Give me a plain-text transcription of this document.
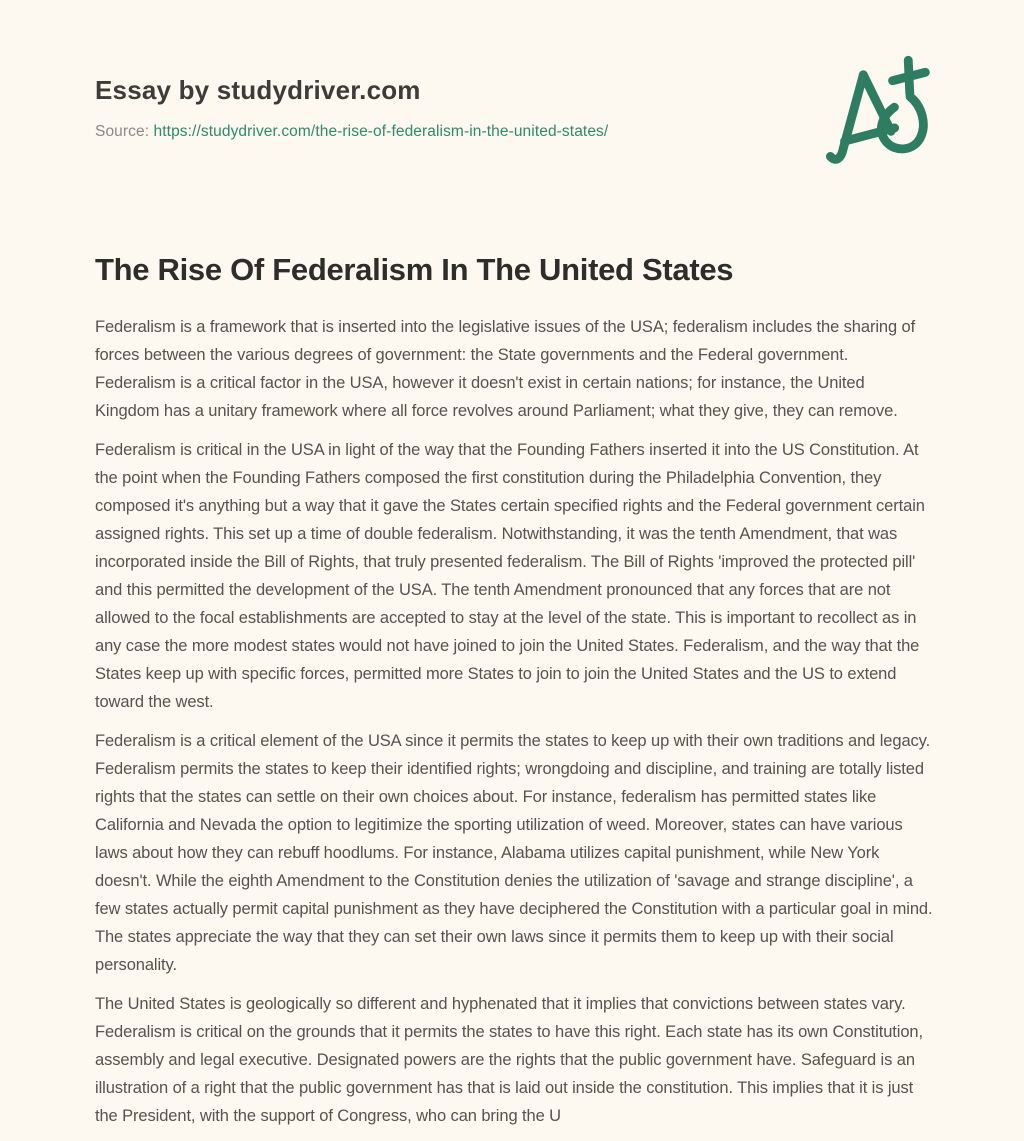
Essay by studydriver.com
Source: https://studydriver.com/the-rise-of-federalism-in-the-united-states/
The Rise Of Federalism In The United States

Federalism is a framework that is inserted into the legislative issues of the USA; federalism includes the sharing of forces between the various degrees of government: the State governments and the Federal government. Federalism is a critical factor in the USA, however it doesn't exist in certain nations; for instance, the United Kingdom has a unitary framework where all force revolves around Parliament; what they give, they can remove.

Federalism is critical in the USA in light of the way that the Founding Fathers inserted it into the US Constitution. At the point when the Founding Fathers composed the first constitution during the Philadelphia Convention, they composed it's anything but a way that it gave the States certain specified rights and the Federal government certain assigned rights. This set up a time of double federalism. Notwithstanding, it was the tenth Amendment, that was incorporated inside the Bill of Rights, that truly presented federalism. The Bill of Rights 'improved the protected pill' and this permitted the development of the USA. The tenth Amendment pronounced that any forces that are not allowed to the focal establishments are accepted to stay at the level of the state. This is important to recollect as in any case the more modest states would not have joined to join the United States. Federalism, and the way that the States keep up with specific forces, permitted more States to join to join the United States and the US to extend toward the west.

Federalism is a critical element of the USA since it permits the states to keep up with their own traditions and legacy. Federalism permits the states to keep their identified rights; wrongdoing and discipline, and training are totally listed rights that the states can settle on their own choices about. For instance, federalism has permitted states like California and Nevada the option to legitimize the sporting utilization of weed. Moreover, states can have various laws about how they can rebuff hoodlums. For instance, Alabama utilizes capital punishment, while New York doesn't. While the eighth Amendment to the Constitution denies the utilization of 'savage and strange discipline', a few states actually permit capital punishment as they have deciphered the Constitution with a particular goal in mind. The states appreciate the way that they can set their own laws since it permits them to keep up with their social personality.

The United States is geologically so different and hyphenated that it implies that convictions between states vary. Federalism is critical on the grounds that it permits the states to have this right. Each state has its own Constitution, assembly and legal executive. Designated powers are the rights that the public government have. Safeguard is an illustration of a right that the public government has that is laid out inside the constitution. This implies that it is just the President, with the support of Congress, who can bring the U
